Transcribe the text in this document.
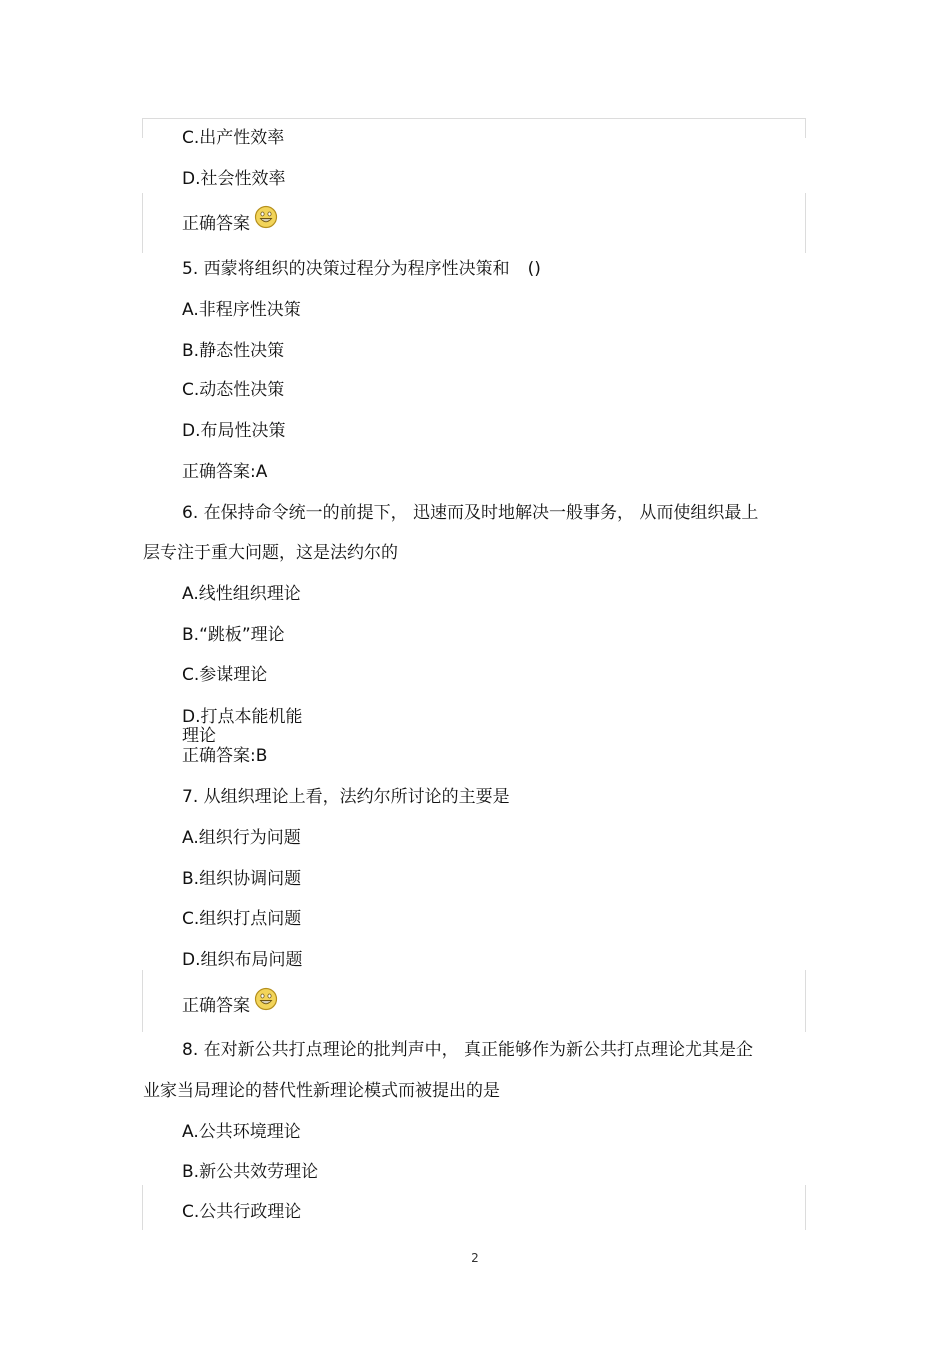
C.出产性效率
D.社会性效率
正确答案
5. 西蒙将组织的决策过程分为程序性决策和 ()
A.非程序性决策
B.静态性决策
C.动态性决策
D.布局性决策
正确答案:A
6. 在保持命令统一的前提下， 迅速而及时地解决一般事务， 从而使组织最上
层专注于重大问题，这是法约尔的
A.线性组织理论
B.“跳板”理论
C.参谋理论
D.打点本能机能
理论
正确答案:B
7. 从组织理论上看，法约尔所讨论的主要是
A.组织行为问题
B.组织协调问题
C.组织打点问题
D.组织布局问题
正确答案
8. 在对新公共打点理论的批判声中， 真正能够作为新公共打点理论尤其是企
业家当局理论的替代性新理论模式而被提出的是
A.公共环境理论
B.新公共效劳理论
C.公共行政理论
2
